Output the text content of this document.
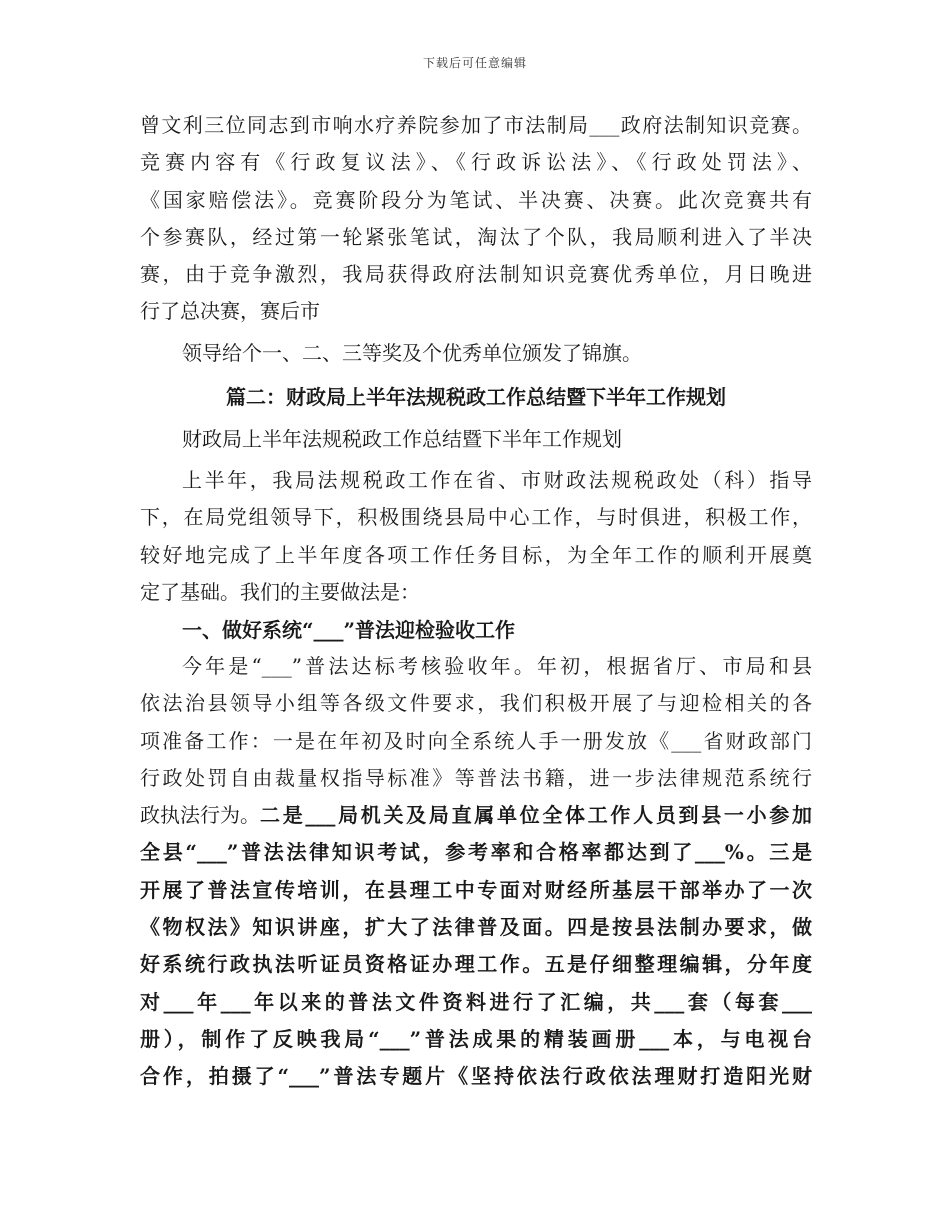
下载后可任意编辑
曾文利三位同志到市响水疗养院参加了市法制局___政府法制知识竞赛。
竞赛内容有《行政复议法》、《行政诉讼法》、《行政处罚法》、
《国家赔偿法》。竞赛阶段分为笔试、半决赛、决赛。此次竞赛共有
个参赛队，经过第一轮紧张笔试，淘汰了个队，我局顺利进入了半决
赛，由于竞争激烈，我局获得政府法制知识竞赛优秀单位，月日晚进
行了总决赛，赛后市
领导给个一、二、三等奖及个优秀单位颁发了锦旗。
篇二：财政局上半年法规税政工作总结暨下半年工作规划
财政局上半年法规税政工作总结暨下半年工作规划
上半年，我局法规税政工作在省、市财政法规税政处（科）指导
下，在局党组领导下，积极围绕县局中心工作，与时俱进，积极工作，
较好地完成了上半年度各项工作任务目标，为全年工作的顺利开展奠
定了基础。我们的主要做法是：
一、做好系统“___”普法迎检验收工作
今年是“___”普法达标考核验收年。年初，根据省厅、市局和县
依法治县领导小组等各级文件要求，我们积极开展了与迎检相关的各
项准备工作：一是在年初及时向全系统人手一册发放《___省财政部门
行政处罚自由裁量权指导标准》等普法书籍，进一步法律规范系统行
政执法行为。 二是___局机关及局直属单位全体工作人员到县一小参加
全县“___”普法法律知识考试，参考率和合格率都达到了___%。三是
开展了普法宣传培训，在县理工中专面对财经所基层干部举办了一次
《物权法》知识讲座，扩大了法律普及面。四是按县法制办要求，做
好系统行政执法听证员资格证办理工作。五是仔细整理编辑，分年度
对___年___年以来的普法文件资料进行了汇编，共___套（每套___
册），制作了反映我局“___”普法成果的精装画册___本，与电视台
合作，拍摄了“___”普法专题片《坚持依法行政依法理财打造阳光财
